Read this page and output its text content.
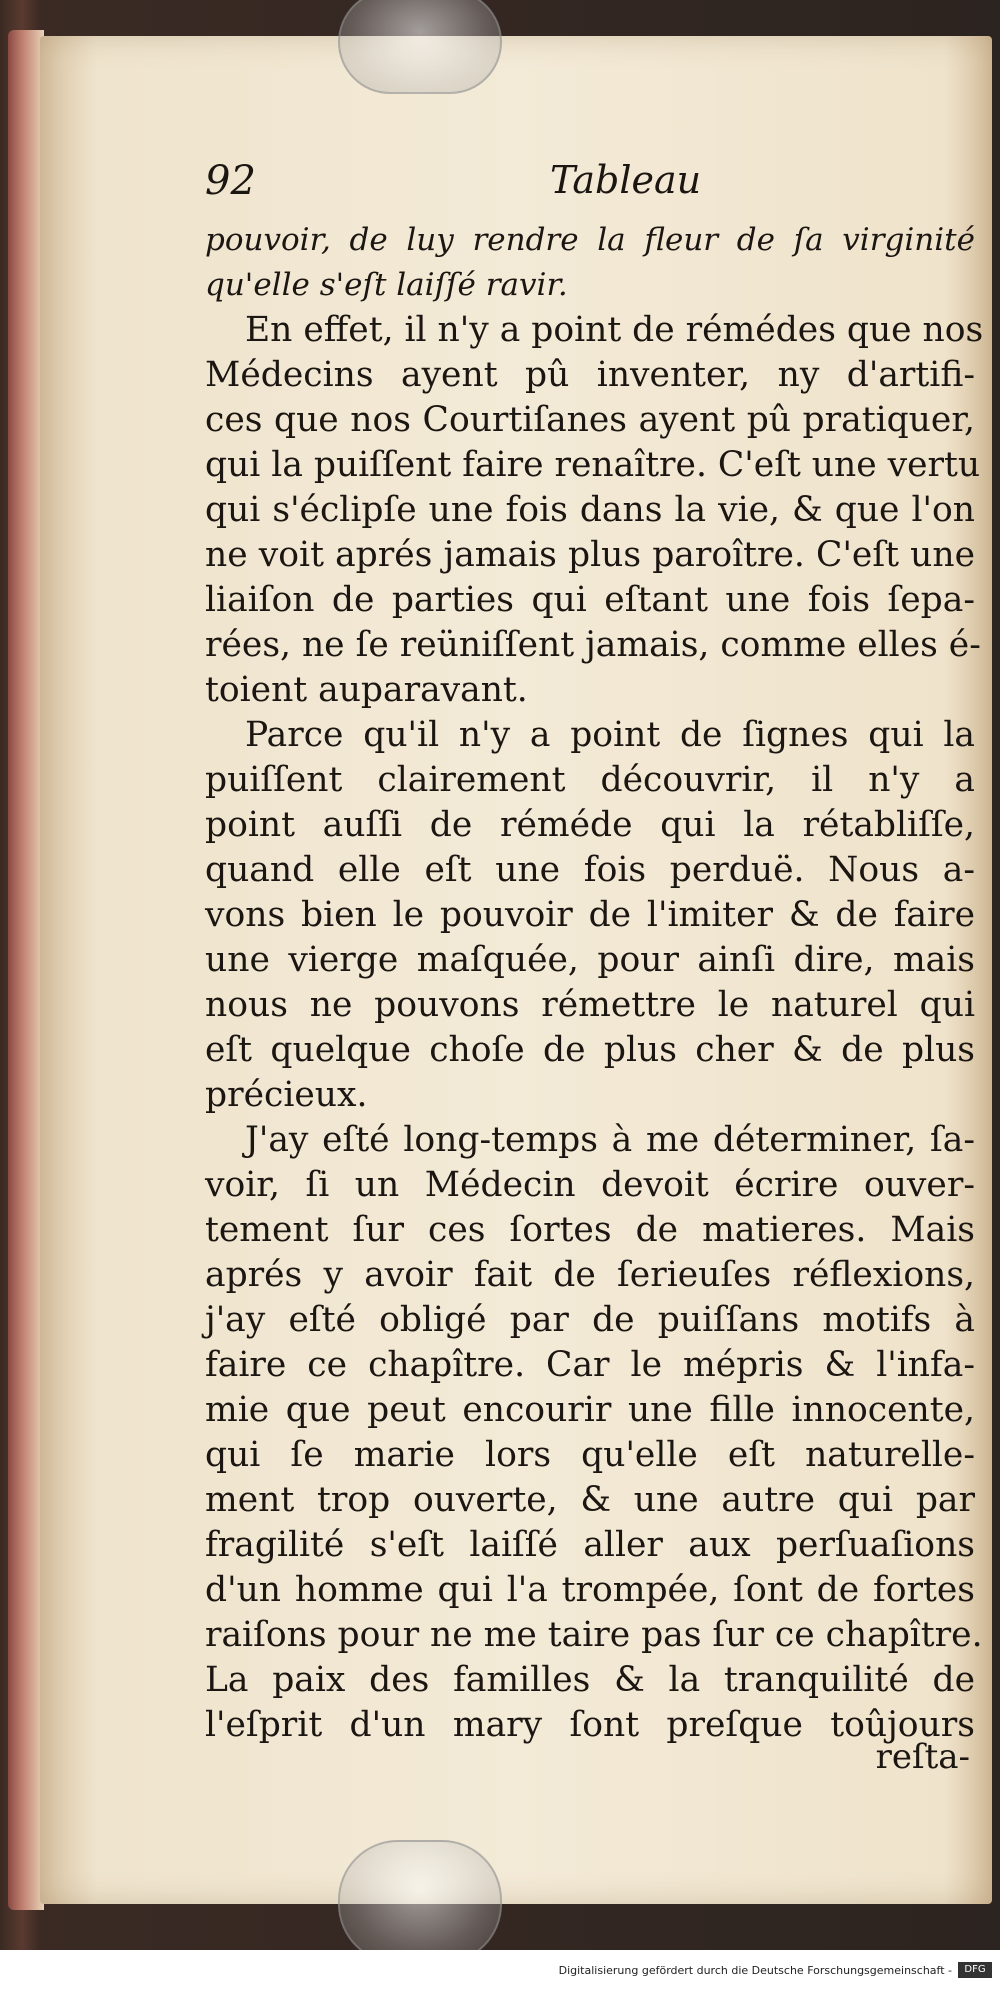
92	Tableau
pouvoir, de luy rendre la fleur de ſa virginité
qu'elle s'eſt laiſſé ravir.
En effet, il n'y a point de rémédes que nos
Médecins ayent pû inventer, ny d'artifi-
ces que nos Courtiſanes ayent pû pratiquer,
qui la puiſſent faire renaître. C'eſt une vertu
qui s'éclipſe une fois dans la vie, & que l'on
ne voit aprés jamais plus paroître. C'eſt une
liaiſon de parties qui eſtant une fois ſepa-
rées, ne ſe reüniſſent jamais, comme elles é-
toient auparavant.
Parce qu'il n'y a point de ſignes qui la
puiſſent clairement découvrir, il n'y a
point auſſi de réméde qui la rétabliſſe,
quand elle eſt une fois perduë. Nous a-
vons bien le pouvoir de l'imiter & de faire
une vierge maſquée, pour ainſi dire, mais
nous ne pouvons rémettre le naturel qui
eſt quelque choſe de plus cher & de plus
précieux.
J'ay eſté long-temps à me déterminer, ſa-
voir, ſi un Médecin devoit écrire ouver-
tement ſur ces ſortes de matieres. Mais
aprés y avoir fait de ſerieuſes réflexions,
j'ay eſté obligé par de puiſſans motifs à
faire ce chapître. Car le mépris & l'infa-
mie que peut encourir une fille innocente,
qui ſe marie lors qu'elle eſt naturelle-
ment trop ouverte, & une autre qui par
fragilité s'eſt laiſſé aller aux perſuaſions
d'un homme qui l'a trompée, ſont de fortes
raiſons pour ne me taire pas ſur ce chapître.
La paix des familles & la tranquilité de
l'eſprit d'un mary ſont preſque toûjours
reſta-
Digitalisierung gefördert durch die Deutsche Forschungsgemeinschaft -	DFG
